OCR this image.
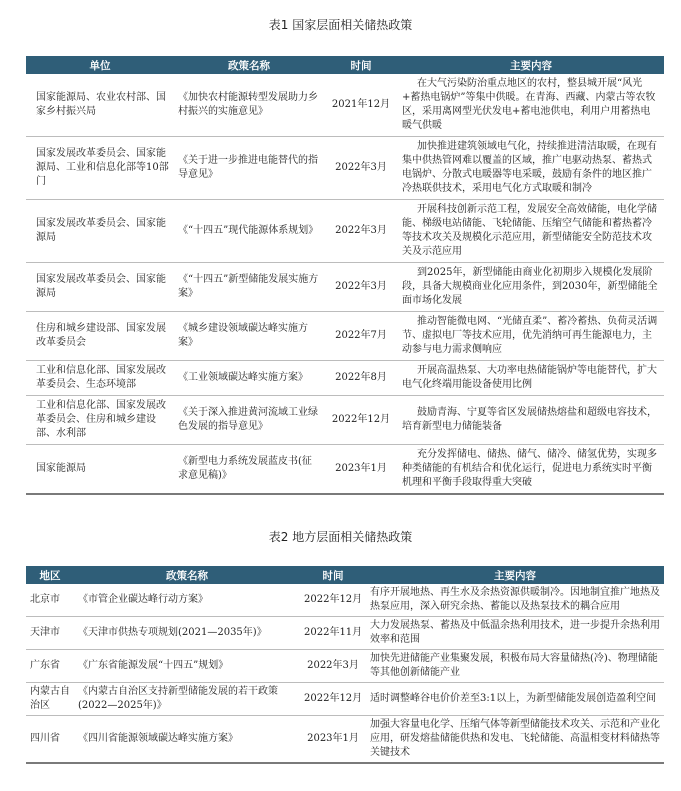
表1 国家层面相关储热政策
单位	政策名称	时间	主要内容
国家能源局、农业农村部、国家乡村振兴局	《加快农村能源转型发展助力乡村振兴的实施意见》	2021年12月	在大气污染防治重点地区的农村，整县城开展“风光+蓄热电锅炉”等集中供暖。在青海、西藏、内蒙古等农牧区，采用离网型光伏发电+蓄电池供电，利用户用蓄热电暖气供暖
国家发展改革委员会、国家能源局、工业和信息化部等10部门	《关于进一步推进电能替代的指导意见》	2022年3月	加快推进建筑领域电气化，持续推进清洁取暖，在现有集中供热管网难以覆盖的区域，推广电驱动热泵、蓄热式电锅炉、分散式电暖器等电采暖，鼓励有条件的地区推广冷热联供技术，采用电气化方式取暖和制冷
国家发展改革委员会、国家能源局	《“十四五”现代能源体系规划》	2022年3月	开展科技创新示范工程，发展安全高效储能，电化学储能、梯级电站储能、飞轮储能、压缩空气储能和蓄热蓄冷等技术攻关及规模化示范应用，新型储能安全防范技术攻关及示范应用
国家发展改革委员会、国家能源局	《“十四五”新型储能发展实施方案》	2022年3月	到2025年，新型储能由商业化初期步入规模化发展阶段，具备大规模商业化应用条件，到2030年，新型储能全面市场化发展
住房和城乡建设部、国家发展改革委员会	《城乡建设领域碳达峰实施方案》	2022年7月	推动智能微电网、“光储直柔”、蓄冷蓄热、负荷灵活调节、虚拟电厂等技术应用，优先消纳可再生能源电力，主动参与电力需求侧响应
工业和信息化部、国家发展改革委员会、生态环境部	《工业领域碳达峰实施方案》	2022年8月	开展高温热泵、大功率电热储能锅炉等电能替代，扩大电气化终端用能设备使用比例
工业和信息化部、国家发展改革委员会、住房和城乡建设部、水利部	《关于深入推进黄河流域工业绿色发展的指导意见》	2022年12月	鼓励青海、宁夏等省区发展储热熔盐和超级电容技术，培育新型电力储能装备
国家能源局	《新型电力系统发展蓝皮书(征求意见稿)》	2023年1月	充分发挥储电、储热、储气、储冷、储氢优势，实现多种类储能的有机结合和优化运行，促进电力系统实时平衡机理和平衡手段取得重大突破
表2 地方层面相关储热政策
地区	政策名称	时间	主要内容
北京市	《市管企业碳达峰行动方案》	2022年12月	有序开展地热、再生水及余热资源供暖制冷。因地制宜推广地热及热泵应用，深入研究余热、蓄能以及热泵技术的耦合应用
天津市	《天津市供热专项规划(2021—2035年)》	2022年11月	大力发展热泵、蓄热及中低温余热利用技术，进一步提升余热利用效率和范围
广东省	《广东省能源发展“十四五”规划》	2022年3月	加快先进储能产业集聚发展，积极布局大容量储热(冷)、物理储能等其他创新储能产业
内蒙古自治区	《内蒙古自治区支持新型储能发展的若干政策(2022—2025年)》	2022年12月	适时调整峰谷电价价差至3:1以上，为新型储能发展创造盈利空间
四川省	《四川省能源领域碳达峰实施方案》	2023年1月	加强大容量电化学、压缩气体等新型储能技术攻关、示范和产业化应用，研发熔盐储能供热和发电、飞轮储能、高温相变材料储热等关键技术
